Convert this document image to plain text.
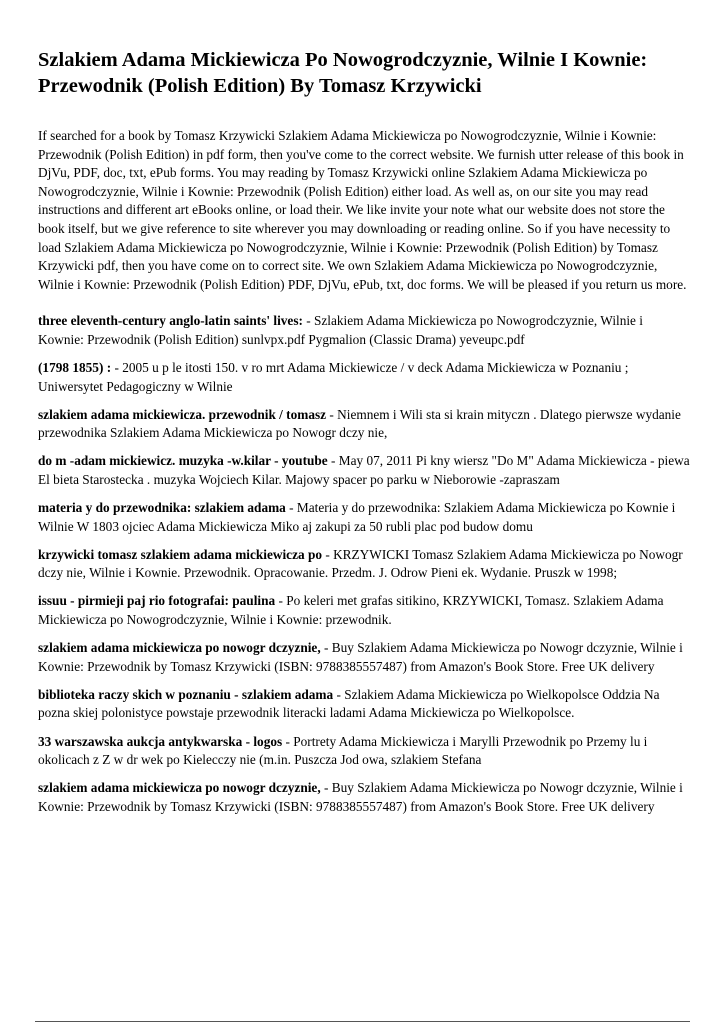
Szlakiem Adama Mickiewicza Po Nowogrodczyznie, Wilnie I Kownie: Przewodnik (Polish Edition) By Tomasz Krzywicki

If searched for a book by Tomasz Krzywicki Szlakiem Adama Mickiewicza po Nowogrodczyznie, Wilnie i Kownie: Przewodnik (Polish Edition) in pdf form, then you've come to the correct website. We furnish utter release of this book in DjVu, PDF, doc, txt, ePub forms. You may reading by Tomasz Krzywicki online Szlakiem Adama Mickiewicza po Nowogrodczyznie, Wilnie i Kownie: Przewodnik (Polish Edition) either load. As well as, on our site you may read instructions and different art eBooks online, or load their. We like invite your note what our website does not store the book itself, but we give reference to site wherever you may downloading or reading online. So if you have necessity to load Szlakiem Adama Mickiewicza po Nowogrodczyznie, Wilnie i Kownie: Przewodnik (Polish Edition) by Tomasz Krzywicki pdf, then you have come on to correct site. We own Szlakiem Adama Mickiewicza po Nowogrodczyznie, Wilnie i Kownie: Przewodnik (Polish Edition) PDF, DjVu, ePub, txt, doc forms. We will be pleased if you return us more.

three eleventh-century anglo-latin saints' lives: - Szlakiem Adama Mickiewicza po Nowogrodczyznie, Wilnie i Kownie: Przewodnik (Polish Edition) sunlvpx.pdf Pygmalion (Classic Drama) yeveupc.pdf

(1798 1855) : - 2005 u p le itosti 150. v ro mrt Adama Mickiewicze / v deck Adama Mickiewicza w Poznaniu ; Uniwersytet Pedagogiczny w Wilnie

szlakiem adama mickiewicza. przewodnik / tomasz - Niemnem i Wili sta si krain mityczn . Dlatego pierwsze wydanie przewodnika Szlakiem Adama Mickiewicza po Nowogr dczy nie,

do m -adam mickiewicz. muzyka -w.kilar - youtube - May 07, 2011 Pi kny wiersz "Do M" Adama Mickiewicza - piewa El bieta Starostecka . muzyka Wojciech Kilar. Majowy spacer po parku w Nieborowie -zapraszam

materia y do przewodnika: szlakiem adama - Materia y do przewodnika: Szlakiem Adama Mickiewicza po Kownie i Wilnie W 1803 ojciec Adama Mickiewicza Miko aj zakupi za 50 rubli plac pod budow domu

krzywicki tomasz szlakiem adama mickiewicza po - KRZYWICKI Tomasz Szlakiem Adama Mickiewicza po Nowogr dczy nie, Wilnie i Kownie. Przewodnik. Opracowanie. Przedm. J. Odrow Pieni ek. Wydanie. Pruszk w 1998;

issuu - pirmieji paj rio fotografai: paulina - Po keleri met grafas sitikino, KRZYWICKI, Tomasz. Szlakiem Adama Mickiewicza po Nowogrodczyznie, Wilnie i Kownie: przewodnik.

szlakiem adama mickiewicza po nowogr dczyznie, - Buy Szlakiem Adama Mickiewicza po Nowogr dczyznie, Wilnie i Kownie: Przewodnik by Tomasz Krzywicki (ISBN: 9788385557487) from Amazon's Book Store. Free UK delivery

biblioteka raczy skich w poznaniu - szlakiem adama - Szlakiem Adama Mickiewicza po Wielkopolsce Oddzia Na pozna skiej polonistyce powstaje przewodnik literacki ladami Adama Mickiewicza po Wielkopolsce.

33 warszawska aukcja antykwarska - logos - Portrety Adama Mickiewicza i Marylli Przewodnik po Przemy lu i okolicach z Z w dr wek po Kielecczy nie (m.in. Puszcza Jod owa, szlakiem Stefana

szlakiem adama mickiewicza po nowogr dczyznie, - Buy Szlakiem Adama Mickiewicza po Nowogr dczyznie, Wilnie i Kownie: Przewodnik by Tomasz Krzywicki (ISBN: 9788385557487) from Amazon's Book Store. Free UK delivery
